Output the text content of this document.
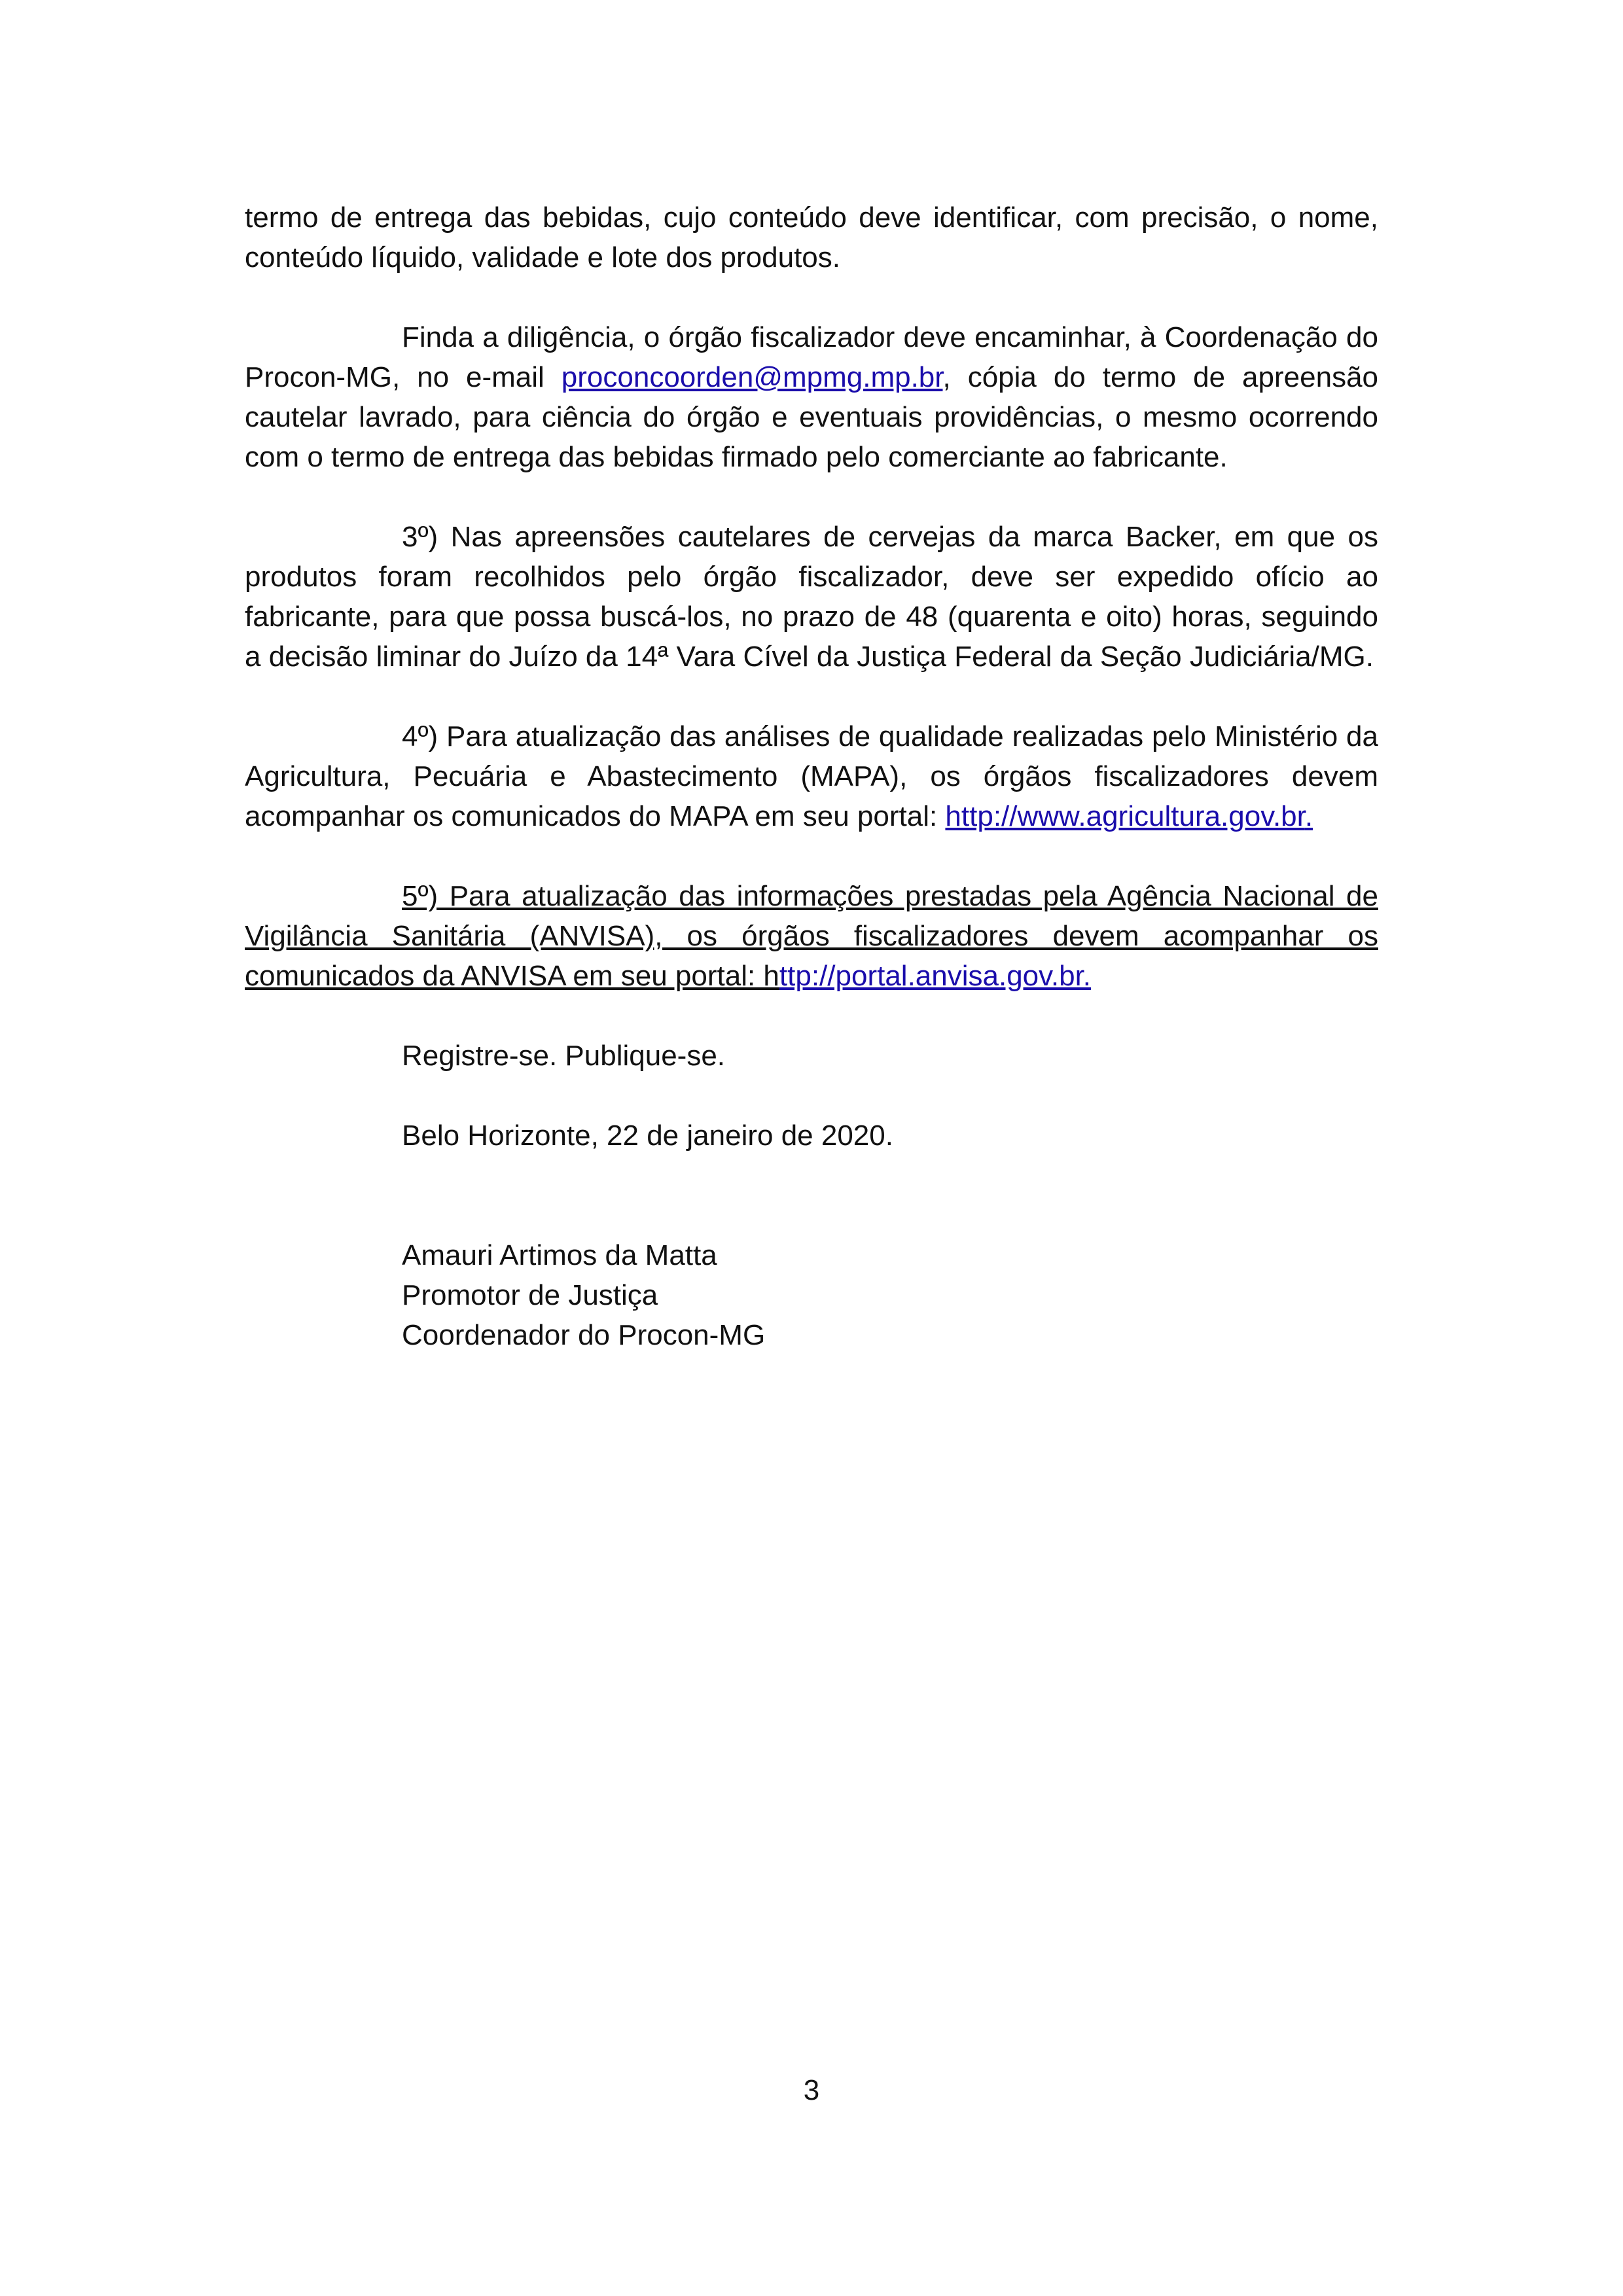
termo de entrega das bebidas, cujo conteúdo deve identificar, com precisão, o nome, conteúdo líquido, validade e lote dos produtos.

Finda a diligência, o órgão fiscalizador deve encaminhar, à Coordenação do Procon-MG, no e-mail proconcoorden@mpmg.mp.br, cópia do termo de apreensão cautelar lavrado, para ciência do órgão e eventuais providências, o mesmo ocorrendo com o termo de entrega das bebidas firmado pelo comerciante ao fabricante.

3º) Nas apreensões cautelares de cervejas da marca Backer, em que os produtos foram recolhidos pelo órgão fiscalizador, deve ser expedido ofício ao fabricante, para que possa buscá-los, no prazo de 48 (quarenta e oito) horas, seguindo a decisão liminar do Juízo da 14ª Vara Cível da Justiça Federal da Seção Judiciária/MG.

4º) Para atualização das análises de qualidade realizadas pelo Ministério da Agricultura, Pecuária e Abastecimento (MAPA), os órgãos fiscalizadores devem acompanhar os comunicados do MAPA em seu portal: http://www.agricultura.gov.br.

5º) Para atualização das informações prestadas pela Agência Nacional de Vigilância Sanitária (ANVISA), os órgãos fiscalizadores devem acompanhar os comunicados da ANVISA em seu portal: http://portal.anvisa.gov.br.

Registre-se. Publique-se.

Belo Horizonte, 22 de janeiro de 2020.

Amauri Artimos da Matta
Promotor de Justiça
Coordenador do Procon-MG
3
